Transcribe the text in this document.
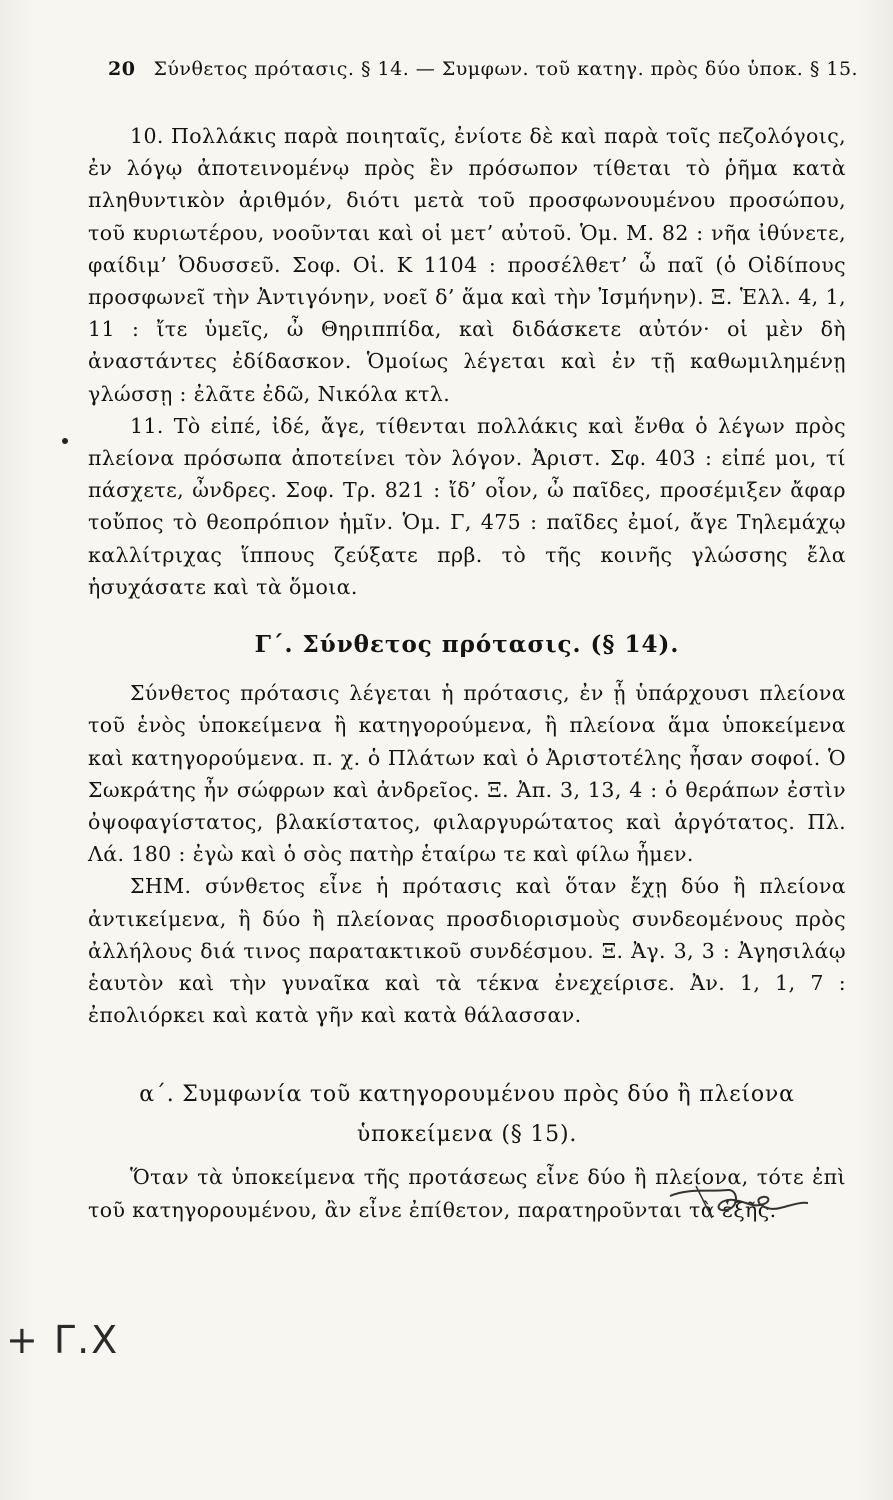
20 Σύνθετος πρότασις. § 14. — Συμφων. τοῦ κατηγ. πρὸς δύο ὑποκ. § 15.

10. Πολλάκις παρὰ ποιηταῖς, ἐνίοτε δὲ καὶ παρὰ τοῖς πεζολόγοις, ἐν λόγῳ ἀποτεινομένῳ πρὸς ἓν πρόσωπον τίθεται τὸ ῥῆμα κατὰ πληθυντικὸν ἀριθμόν, διότι μετὰ τοῦ προσφωνουμένου προσώπου, τοῦ κυριωτέρου, νοοῦνται καὶ οἱ μετ’ αὐτοῦ. Ὁμ. Μ. 82 : νῆα ἰθύνετε, φαίδιμ’ Ὀδυσσεῦ. Σοφ. Οἰ. Κ 1104 : προσέλθετ’ ὦ παῖ (ὁ Οἰδίπους προσφωνεῖ τὴν Ἀντιγόνην, νοεῖ δ’ ἅμα καὶ τὴν Ἰσμήνην). Ξ. Ἑλλ. 4, 1, 11 : ἴτε ὑμεῖς, ὦ Θηριππίδα, καὶ διδάσκετε αὐτόν· οἱ μὲν δὴ ἀναστάντες ἐδίδασκον. Ὁμοίως λέγεται καὶ ἐν τῇ καθωμιλημένῃ γλώσσῃ : ἐλᾶτε ἐδῶ, Νικόλα κτλ.

11. Τὸ εἰπέ, ἰδέ, ἄγε, τίθενται πολλάκις καὶ ἔνθα ὁ λέγων πρὸς πλείονα πρόσωπα ἀποτείνει τὸν λόγον. Ἀριστ. Σφ. 403 : εἰπέ μοι, τί πάσχετε, ὦνδρες. Σοφ. Τρ. 821 : ἴδ’ οἷον, ὦ παῖδες, προσέμιξεν ἄφαρ τοὔπος τὸ θεοπρόπιον ἡμῖν. Ὁμ. Γ, 475 : παῖδες ἐμοί, ἄγε Τηλεμάχῳ καλλίτριχας ἵππους ζεύξατε πρβ. τὸ τῆς κοινῆς γλώσσης ἔλα ἡσυχάσατε καὶ τὰ ὅμοια.

Γ΄. Σύνθετος πρότασις. (§ 14).

Σύνθετος πρότασις λέγεται ἡ πρότασις, ἐν ᾗ ὑπάρχουσι πλείονα τοῦ ἑνὸς ὑποκείμενα ἢ κατηγορούμενα, ἢ πλείονα ἅμα ὑποκείμενα καὶ κατηγορούμενα. π. χ. ὁ Πλάτων καὶ ὁ Ἀριστοτέλης ἦσαν σοφοί. Ὁ Σωκράτης ἦν σώφρων καὶ ἀνδρεῖος. Ξ. Ἀπ. 3, 13, 4 : ὁ θεράπων ἐστὶν ὀψοφαγίστατος, βλακίστατος, φιλαργυρώτατος καὶ ἀργότατος. Πλ. Λά. 180 : ἐγὼ καὶ ὁ σὸς πατὴρ ἑταίρω τε καὶ φίλω ἦμεν.

ΣΗΜ. σύνθετος εἶνε ἡ πρότασις καὶ ὅταν ἔχῃ δύο ἢ πλείονα ἀντικείμενα, ἢ δύο ἢ πλείονας προσδιορισμοὺς συνδεομένους πρὸς ἀλλήλους διά τινος παρατακτικοῦ συνδέσμου. Ξ. Ἀγ. 3, 3 : Ἀγησιλάῳ ἑαυτὸν καὶ τὴν γυναῖκα καὶ τὰ τέκνα ἐνεχείρισε. Ἀν. 1, 1, 7 : ἐπολιόρκει καὶ κατὰ γῆν καὶ κατὰ θάλασσαν.

α΄. Συμφωνία τοῦ κατηγορουμένου πρὸς δύο ἢ πλείονα ὑποκείμενα (§ 15).

Ὅταν τὰ ὑποκείμενα τῆς προτάσεως εἶνε δύο ἢ πλείονα, τότε ἐπὶ τοῦ κατηγορουμένου, ἂν εἶνε ἐπίθετον, παρατηροῦνται τὰ ἑξῆς.

+ Γ.Χ
